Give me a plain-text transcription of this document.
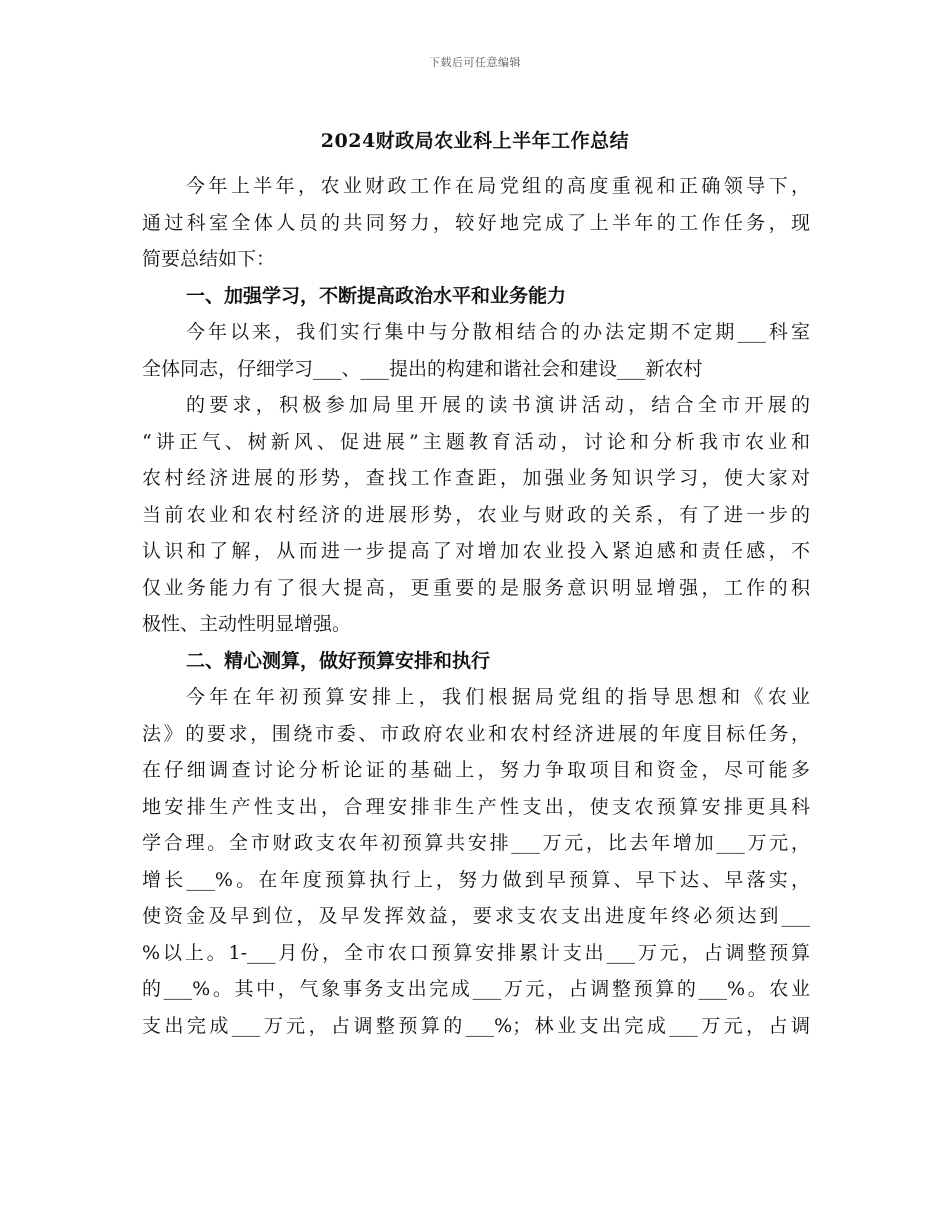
下载后可任意编辑
2024财政局农业科上半年工作总结
今年上半年，农业财政工作在局党组的高度重视和正确领导下，
通过科室全体人员的共同努力，较好地完成了上半年的工作任务，现
简要总结如下：
一、加强学习，不断提高政治水平和业务能力
今年以来，我们实行集中与分散相结合的办法定期不定期___科室
全体同志，仔细学习___、___提出的构建和谐社会和建设___新农村
的要求，积极参加局里开展的读书演讲活动，结合全市开展的
“讲正气、树新风、促进展”主题教育活动，讨论和分析我市农业和
农村经济进展的形势，查找工作查距，加强业务知识学习，使大家对
当前农业和农村经济的进展形势，农业与财政的关系，有了进一步的
认识和了解，从而进一步提高了对增加农业投入紧迫感和责任感，不
仅业务能力有了很大提高，更重要的是服务意识明显增强，工作的积
极性、主动性明显增强。
二、精心测算，做好预算安排和执行
今年在年初预算安排上，我们根据局党组的指导思想和《农业
法》的要求，围绕市委、市政府农业和农村经济进展的年度目标任务，
在仔细调查讨论分析论证的基础上，努力争取项目和资金，尽可能多
地安排生产性支出，合理安排非生产性支出，使支农预算安排更具科
学合理。全市财政支农年初预算共安排___万元，比去年增加___万元，
增长___%。在年度预算执行上，努力做到早预算、早下达、早落实，
使资金及早到位，及早发挥效益，要求支农支出进度年终必须达到___
%以上。1-___月份，全市农口预算安排累计支出___万元，占调整预算
的___%。其中，气象事务支出完成___万元，占调整预算的___%。农业
支出完成___万元，占调整预算的___%；林业支出完成___万元，占调
